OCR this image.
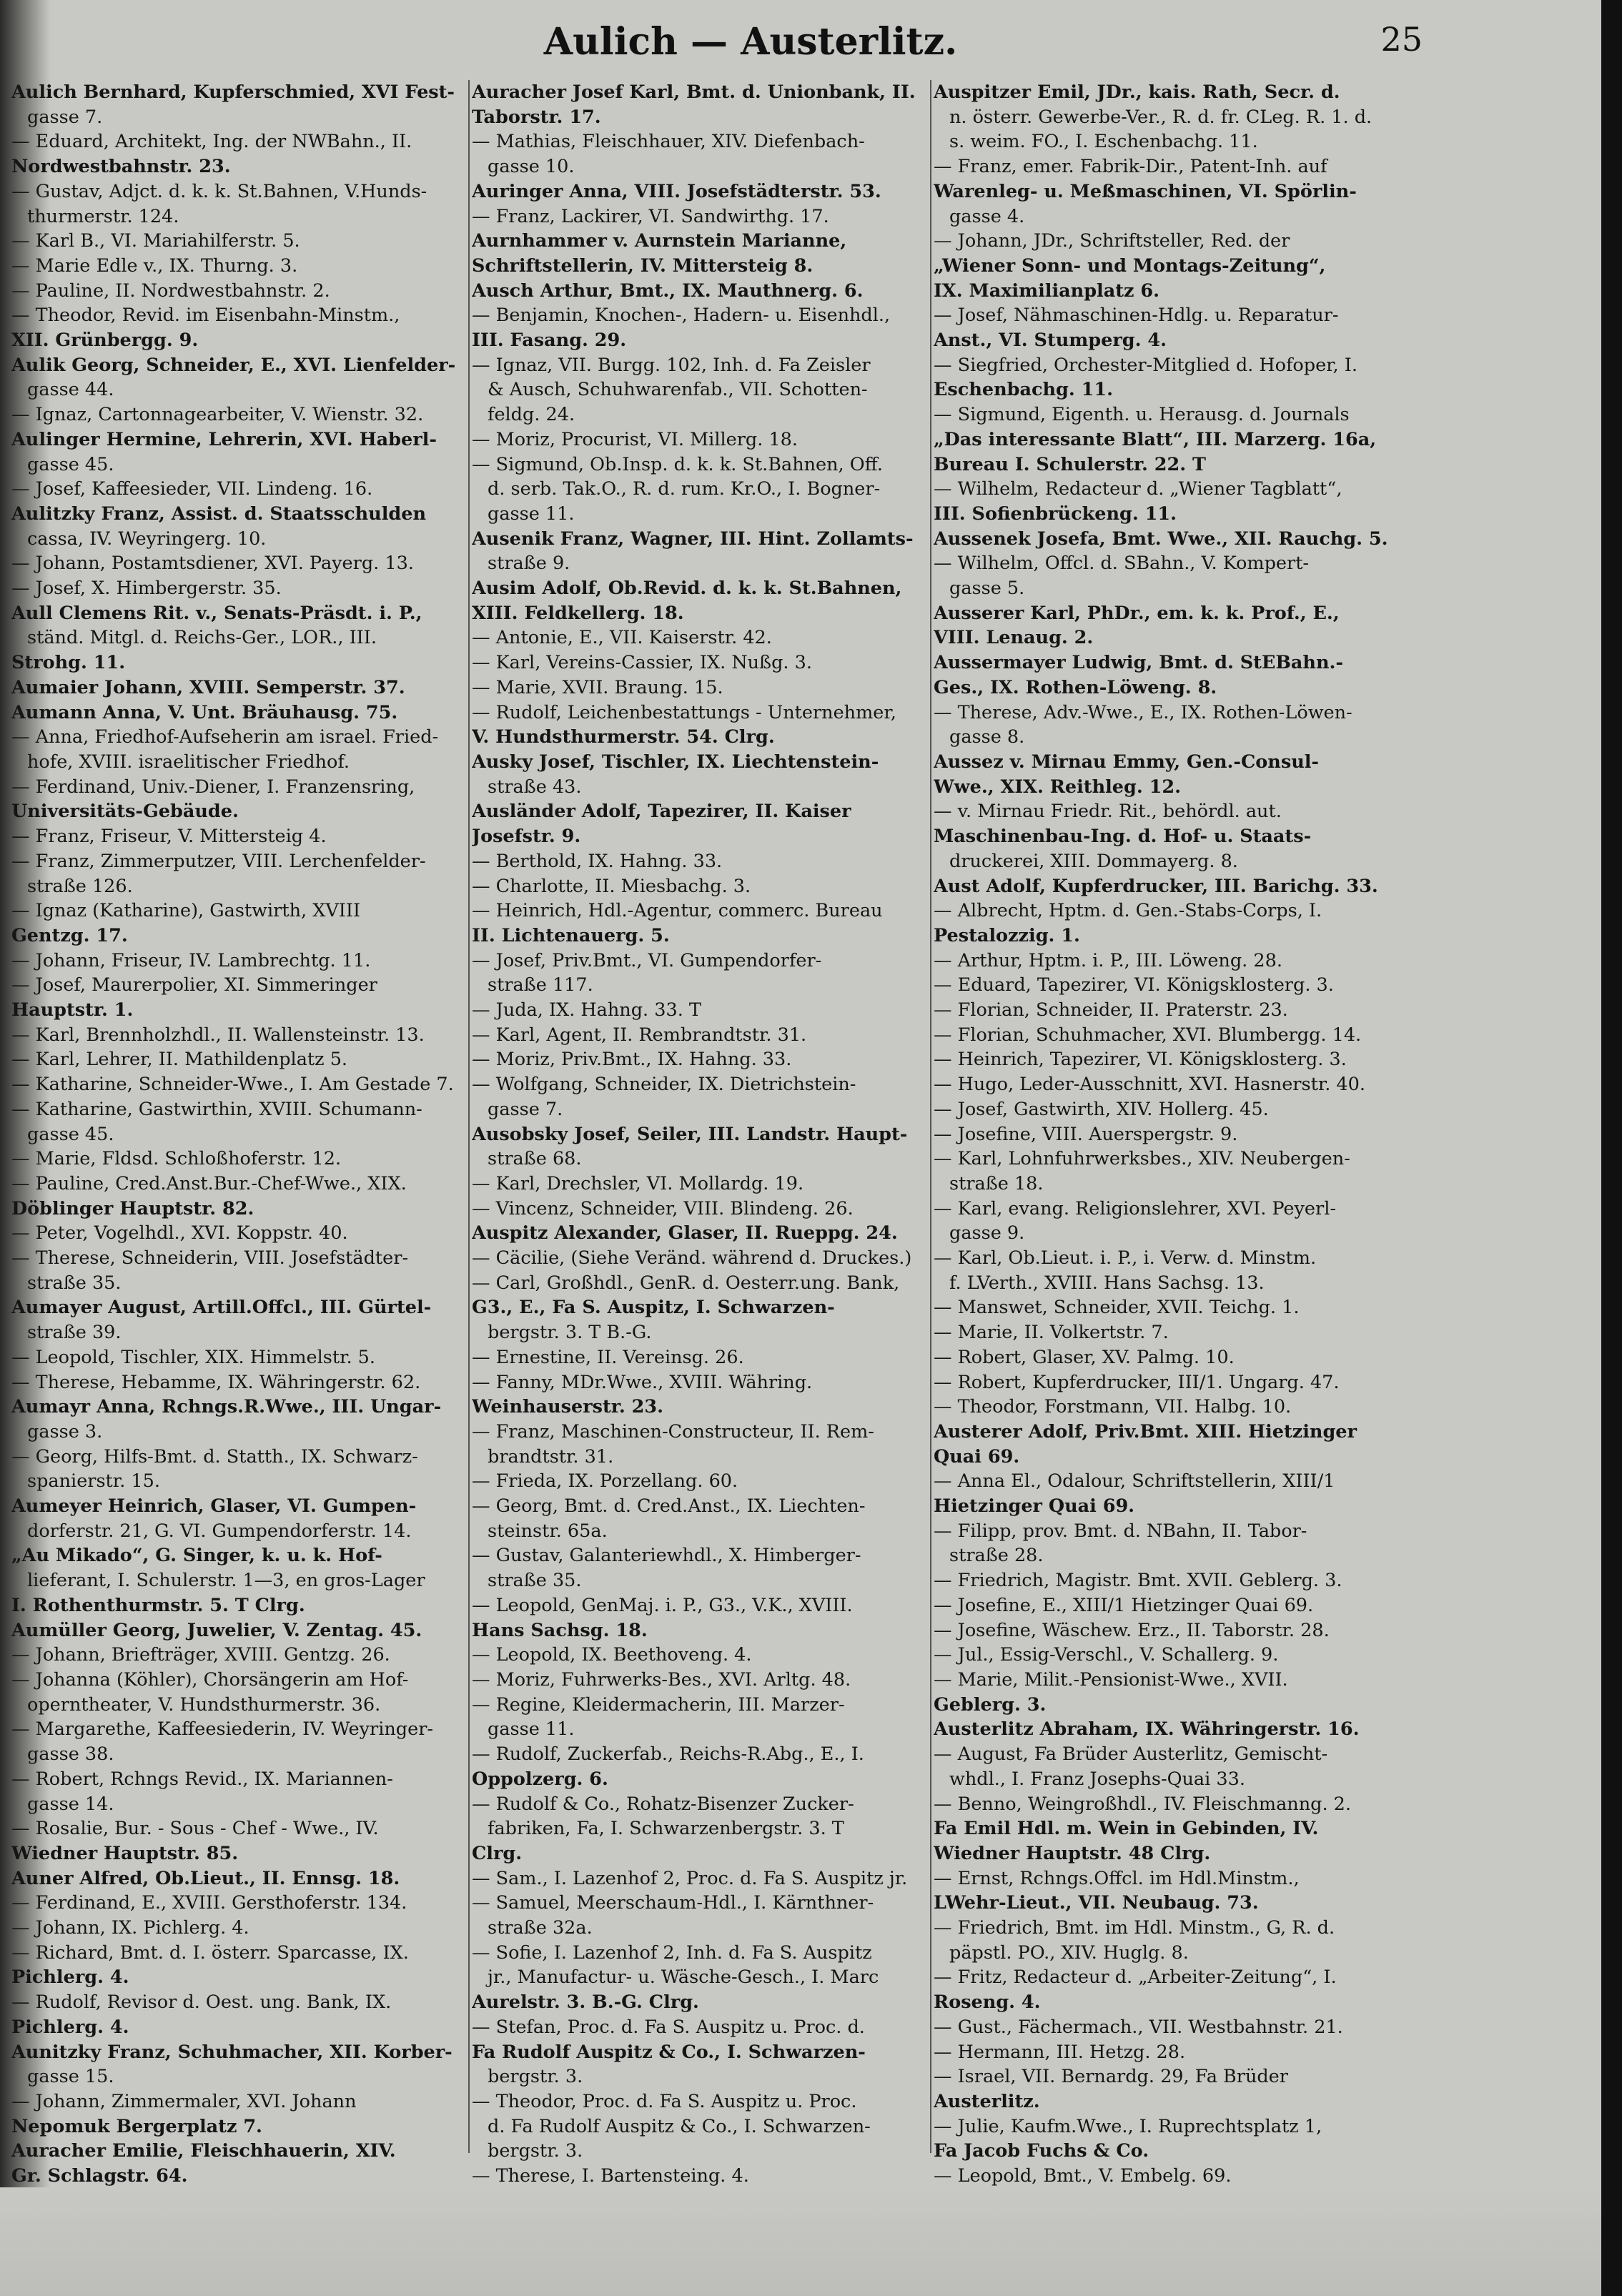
Aulich — Austerlitz.	25
Aulich Bernhard, Kupferschmied, XVI Fest-
gasse 7.
— Eduard, Architekt, Ing. der NWBahn., II.
Nordwestbahnstr. 23.
— Gustav, Adjct. d. k. k. St.Bahnen, V.Hunds-
thurmerstr. 124.
— Karl B., VI. Mariahilferstr. 5.
— Marie Edle v., IX. Thurng. 3.
— Pauline, II. Nordwestbahnstr. 2.
— Theodor, Revid. im Eisenbahn-Minstm.,
XII. Grünbergg. 9.
Aulik Georg, Schneider, E., XVI. Lienfelder-
gasse 44.
— Ignaz, Cartonnagearbeiter, V. Wienstr. 32.
Aulinger Hermine, Lehrerin, XVI. Haberl-
gasse 45.
— Josef, Kaffeesieder, VII. Lindeng. 16.
Aulitzky Franz, Assist. d. Staatsschulden
cassa, IV. Weyringerg. 10.
— Johann, Postamtsdiener, XVI. Payerg. 13.
— Josef, X. Himbergerstr. 35.
Aull Clemens Rit. v., Senats-Präsdt. i. P.,
ständ. Mitgl. d. Reichs-Ger., LOR., III.
Strohg. 11.
Aumaier Johann, XVIII. Semperstr. 37.
Aumann Anna, V. Unt. Bräuhausg. 75.
— Anna, Friedhof-Aufseherin am israel. Fried-
hofe, XVIII. israelitischer Friedhof.
— Ferdinand, Univ.-Diener, I. Franzensring,
Universitäts-Gebäude.
— Franz, Friseur, V. Mittersteig 4.
— Franz, Zimmerputzer, VIII. Lerchenfelder-
straße 126.
— Ignaz (Katharine), Gastwirth, XVIII
Gentzg. 17.
— Johann, Friseur, IV. Lambrechtg. 11.
— Josef, Maurerpolier, XI. Simmeringer
Hauptstr. 1.
— Karl, Brennholzhdl., II. Wallensteinstr. 13.
— Karl, Lehrer, II. Mathildenplatz 5.
— Katharine, Schneider-Wwe., I. Am Gestade 7.
— Katharine, Gastwirthin, XVIII. Schumann-
gasse 45.
— Marie, Fldsd. Schloßhoferstr. 12.
— Pauline, Cred.Anst.Bur.-Chef-Wwe., XIX.
Döblinger Hauptstr. 82.
— Peter, Vogelhdl., XVI. Koppstr. 40.
— Therese, Schneiderin, VIII. Josefstädter-
straße 35.
Aumayer August, Artill.Offcl., III. Gürtel-
straße 39.
— Leopold, Tischler, XIX. Himmelstr. 5.
— Therese, Hebamme, IX. Währingerstr. 62.
Aumayr Anna, Rchngs.R.Wwe., III. Ungar-
gasse 3.
— Georg, Hilfs-Bmt. d. Statth., IX. Schwarz-
spanierstr. 15.
Aumeyer Heinrich, Glaser, VI. Gumpen-
dorferstr. 21, G. VI. Gumpendorferstr. 14.
„Au Mikado“, G. Singer, k. u. k. Hof-
lieferant, I. Schulerstr. 1—3, en gros-Lager
I. Rothenthurmstr. 5. T Clrg.
Aumüller Georg, Juwelier, V. Zentag. 45.
— Johann, Briefträger, XVIII. Gentzg. 26.
— Johanna (Köhler), Chorsängerin am Hof-
operntheater, V. Hundsthurmerstr. 36.
— Margarethe, Kaffeesiederin, IV. Weyringer-
gasse 38.
— Robert, Rchngs Revid., IX. Mariannen-
gasse 14.
— Rosalie, Bur. - Sous - Chef - Wwe., IV.
Wiedner Hauptstr. 85.
Auner Alfred, Ob.Lieut., II. Ennsg. 18.
— Ferdinand, E., XVIII. Gersthoferstr. 134.
— Johann, IX. Pichlerg. 4.
— Richard, Bmt. d. I. österr. Sparcasse, IX.
Pichlerg. 4.
— Rudolf, Revisor d. Oest. ung. Bank, IX.
Pichlerg. 4.
Aunitzky Franz, Schuhmacher, XII. Korber-
gasse 15.
— Johann, Zimmermaler, XVI. Johann
Nepomuk Bergerplatz 7.
Auracher Emilie, Fleischhauerin, XIV.
Gr. Schlagstr. 64.
Auracher Josef Karl, Bmt. d. Unionbank, II.
Taborstr. 17.
— Mathias, Fleischhauer, XIV. Diefenbach-
gasse 10.
Auringer Anna, VIII. Josefstädterstr. 53.
— Franz, Lackirer, VI. Sandwirthg. 17.
Aurnhammer v. Aurnstein Marianne,
Schriftstellerin, IV. Mittersteig 8.
Ausch Arthur, Bmt., IX. Mauthnerg. 6.
— Benjamin, Knochen-, Hadern- u. Eisenhdl.,
III. Fasang. 29.
— Ignaz, VII. Burgg. 102, Inh. d. Fa Zeisler
& Ausch, Schuhwarenfab., VII. Schotten-
feldg. 24.
— Moriz, Procurist, VI. Millerg. 18.
— Sigmund, Ob.Insp. d. k. k. St.Bahnen, Off.
d. serb. Tak.O., R. d. rum. Kr.O., I. Bogner-
gasse 11.
Ausenik Franz, Wagner, III. Hint. Zollamts-
straße 9.
Ausim Adolf, Ob.Revid. d. k. k. St.Bahnen,
XIII. Feldkellerg. 18.
— Antonie, E., VII. Kaiserstr. 42.
— Karl, Vereins-Cassier, IX. Nußg. 3.
— Marie, XVII. Braung. 15.
— Rudolf, Leichenbestattungs - Unternehmer,
V. Hundsthurmerstr. 54. Clrg.
Ausky Josef, Tischler, IX. Liechtenstein-
straße 43.
Ausländer Adolf, Tapezirer, II. Kaiser
Josefstr. 9.
— Berthold, IX. Hahng. 33.
— Charlotte, II. Miesbachg. 3.
— Heinrich, Hdl.-Agentur, commerc. Bureau
II. Lichtenauerg. 5.
— Josef, Priv.Bmt., VI. Gumpendorfer-
straße 117.
— Juda, IX. Hahng. 33. T
— Karl, Agent, II. Rembrandtstr. 31.
— Moriz, Priv.Bmt., IX. Hahng. 33.
— Wolfgang, Schneider, IX. Dietrichstein-
gasse 7.
Ausobsky Josef, Seiler, III. Landstr. Haupt-
straße 68.
— Karl, Drechsler, VI. Mollardg. 19.
— Vincenz, Schneider, VIII. Blindeng. 26.
Auspitz Alexander, Glaser, II. Rueppg. 24.
— Cäcilie, (Siehe Veränd. während d. Druckes.)
— Carl, Großhdl., GenR. d. Oesterr.ung. Bank,
G3., E., Fa S. Auspitz, I. Schwarzen-
bergstr. 3. T B.-G.
— Ernestine, II. Vereinsg. 26.
— Fanny, MDr.Wwe., XVIII. Währing.
Weinhauserstr. 23.
— Franz, Maschinen-Constructeur, II. Rem-
brandtstr. 31.
— Frieda, IX. Porzellang. 60.
— Georg, Bmt. d. Cred.Anst., IX. Liechten-
steinstr. 65a.
— Gustav, Galanteriewhdl., X. Himberger-
straße 35.
— Leopold, GenMaj. i. P., G3., V.K., XVIII.
Hans Sachsg. 18.
— Leopold, IX. Beethoveng. 4.
— Moriz, Fuhrwerks-Bes., XVI. Arltg. 48.
— Regine, Kleidermacherin, III. Marzer-
gasse 11.
— Rudolf, Zuckerfab., Reichs-R.Abg., E., I.
Oppolzerg. 6.
— Rudolf & Co., Rohatz-Bisenzer Zucker-
fabriken, Fa, I. Schwarzenbergstr. 3. T
Clrg.
— Sam., I. Lazenhof 2, Proc. d. Fa S. Auspitz jr.
— Samuel, Meerschaum-Hdl., I. Kärnthner-
straße 32a.
— Sofie, I. Lazenhof 2, Inh. d. Fa S. Auspitz
jr., Manufactur- u. Wäsche-Gesch., I. Marc
Aurelstr. 3. B.-G. Clrg.
— Stefan, Proc. d. Fa S. Auspitz u. Proc. d.
Fa Rudolf Auspitz & Co., I. Schwarzen-
bergstr. 3.
— Theodor, Proc. d. Fa S. Auspitz u. Proc.
d. Fa Rudolf Auspitz & Co., I. Schwarzen-
bergstr. 3.
— Therese, I. Bartensteing. 4.
Auspitzer Emil, JDr., kais. Rath, Secr. d.
n. österr. Gewerbe-Ver., R. d. fr. CLeg. R. 1. d.
s. weim. FO., I. Eschenbachg. 11.
— Franz, emer. Fabrik-Dir., Patent-Inh. auf
Warenleg- u. Meßmaschinen, VI. Spörlin-
gasse 4.
— Johann, JDr., Schriftsteller, Red. der
„Wiener Sonn- und Montags-Zeitung“,
IX. Maximilianplatz 6.
— Josef, Nähmaschinen-Hdlg. u. Reparatur-
Anst., VI. Stumperg. 4.
— Siegfried, Orchester-Mitglied d. Hofoper, I.
Eschenbachg. 11.
— Sigmund, Eigenth. u. Herausg. d. Journals
„Das interessante Blatt“, III. Marzerg. 16a,
Bureau I. Schulerstr. 22. T
— Wilhelm, Redacteur d. „Wiener Tagblatt“,
III. Sofienbrückeng. 11.
Aussenek Josefa, Bmt. Wwe., XII. Rauchg. 5.
— Wilhelm, Offcl. d. SBahn., V. Kompert-
gasse 5.
Ausserer Karl, PhDr., em. k. k. Prof., E.,
VIII. Lenaug. 2.
Aussermayer Ludwig, Bmt. d. StEBahn.-
Ges., IX. Rothen-Löweng. 8.
— Therese, Adv.-Wwe., E., IX. Rothen-Löwen-
gasse 8.
Aussez v. Mirnau Emmy, Gen.-Consul-
Wwe., XIX. Reithleg. 12.
— v. Mirnau Friedr. Rit., behördl. aut.
Maschinenbau-Ing. d. Hof- u. Staats-
druckerei, XIII. Dommayerg. 8.
Aust Adolf, Kupferdrucker, III. Barichg. 33.
— Albrecht, Hptm. d. Gen.-Stabs-Corps, I.
Pestalozzig. 1.
— Arthur, Hptm. i. P., III. Löweng. 28.
— Eduard, Tapezirer, VI. Königsklosterg. 3.
— Florian, Schneider, II. Praterstr. 23.
— Florian, Schuhmacher, XVI. Blumbergg. 14.
— Heinrich, Tapezirer, VI. Königsklosterg. 3.
— Hugo, Leder-Ausschnitt, XVI. Hasnerstr. 40.
— Josef, Gastwirth, XIV. Hollerg. 45.
— Josefine, VIII. Auerspergstr. 9.
— Karl, Lohnfuhrwerksbes., XIV. Neubergen-
straße 18.
— Karl, evang. Religionslehrer, XVI. Peyerl-
gasse 9.
— Karl, Ob.Lieut. i. P., i. Verw. d. Minstm.
f. LVerth., XVIII. Hans Sachsg. 13.
— Manswet, Schneider, XVII. Teichg. 1.
— Marie, II. Volkertstr. 7.
— Robert, Glaser, XV. Palmg. 10.
— Robert, Kupferdrucker, III/1. Ungarg. 47.
— Theodor, Forstmann, VII. Halbg. 10.
Austerer Adolf, Priv.Bmt. XIII. Hietzinger
Quai 69.
— Anna El., Odalour, Schriftstellerin, XIII/1
Hietzinger Quai 69.
— Filipp, prov. Bmt. d. NBahn, II. Tabor-
straße 28.
— Friedrich, Magistr. Bmt. XVII. Geblerg. 3.
— Josefine, E., XIII/1 Hietzinger Quai 69.
— Josefine, Wäschew. Erz., II. Taborstr. 28.
— Jul., Essig-Verschl., V. Schallerg. 9.
— Marie, Milit.-Pensionist-Wwe., XVII.
Geblerg. 3.
Austerlitz Abraham, IX. Währingerstr. 16.
— August, Fa Brüder Austerlitz, Gemischt-
whdl., I. Franz Josephs-Quai 33.
— Benno, Weingroßhdl., IV. Fleischmanng. 2.
Fa Emil Hdl. m. Wein in Gebinden, IV.
Wiedner Hauptstr. 48 Clrg.
— Ernst, Rchngs.Offcl. im Hdl.Minstm.,
LWehr-Lieut., VII. Neubaug. 73.
— Friedrich, Bmt. im Hdl. Minstm., G, R. d.
päpstl. PO., XIV. Huglg. 8.
— Fritz, Redacteur d. „Arbeiter-Zeitung“, I.
Roseng. 4.
— Gust., Fächermach., VII. Westbahnstr. 21.
— Hermann, III. Hetzg. 28.
— Israel, VII. Bernardg. 29, Fa Brüder
Austerlitz.
— Julie, Kaufm.Wwe., I. Ruprechtsplatz 1,
Fa Jacob Fuchs & Co.
— Leopold, Bmt., V. Embelg. 69.
